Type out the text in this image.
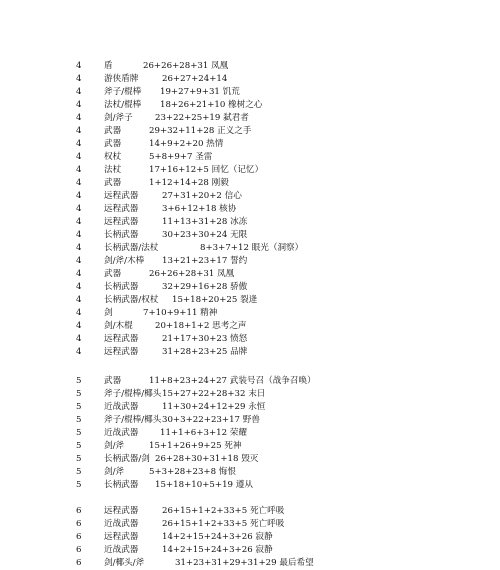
4	盾	26+26+28+31 凤凰
4	游侠盾牌	26+27+24+14
4	斧子/棍棒 19+27+9+31 饥荒
4	法杖/棍棒 18+26+21+10 橡树之心
4	剑/斧子	23+22+25+19 弑君者
4	武器	29+32+11+28 正义之手
4	武器	14+9+2+20 热情
4	权杖	5+8+9+7 圣雷
4	法杖	17+16+12+5 回忆（记忆）
4	武器	1+12+14+28 刚毅
4	远程武器	27+31+20+2 信心
4	远程武器	3+6+12+18 核协
4	远程武器	11+13+31+28 冰冻
4	长柄武器	30+23+30+24 无限
4	长柄武器/法杖	8+3+7+12 眼光（洞察）
4	剑/斧/木棒 13+21+23+17 誓约
4	武器	26+26+28+31 凤凰
4	长柄武器	32+29+16+28 骄傲
4	长柄武器/权杖 15+18+20+25 裂逄
4	剑	7+10+9+11 精神
4	剑/木棍	20+18+1+2 思考之声
4	远程武器	21+17+30+23 愤怒
4	远程武器	31+28+23+25 品牌
5	武器	11+8+23+24+27 武装号召（战争召唤）
5	斧子/棍棒/椰头 15+27+22+28+32 末日
5	近战武器	11+30+24+12+29 永恒
5	斧子/棍棒/椰头 30+3+22+23+17 野兽
5	近战武器	11+1+6+3+12 荣耀
5	剑/斧	15+1+26+9+25 死神
5	长柄武器/剑 26+28+30+31+18 毁灭
5	剑/斧	5+3+28+23+8 悔恨
5	长柄武器 15+18+10+5+19 遵从
6	远程武器	26+15+1+2+33+5 死亡呼吸
6	近战武器	26+15+1+2+33+5 死亡呼吸
6	远程武器	14+2+15+24+3+26 寂静
6	近战武器	14+2+15+24+3+26 寂静
6	剑/椰头/斧	31+23+31+29+31+29 最后希望
